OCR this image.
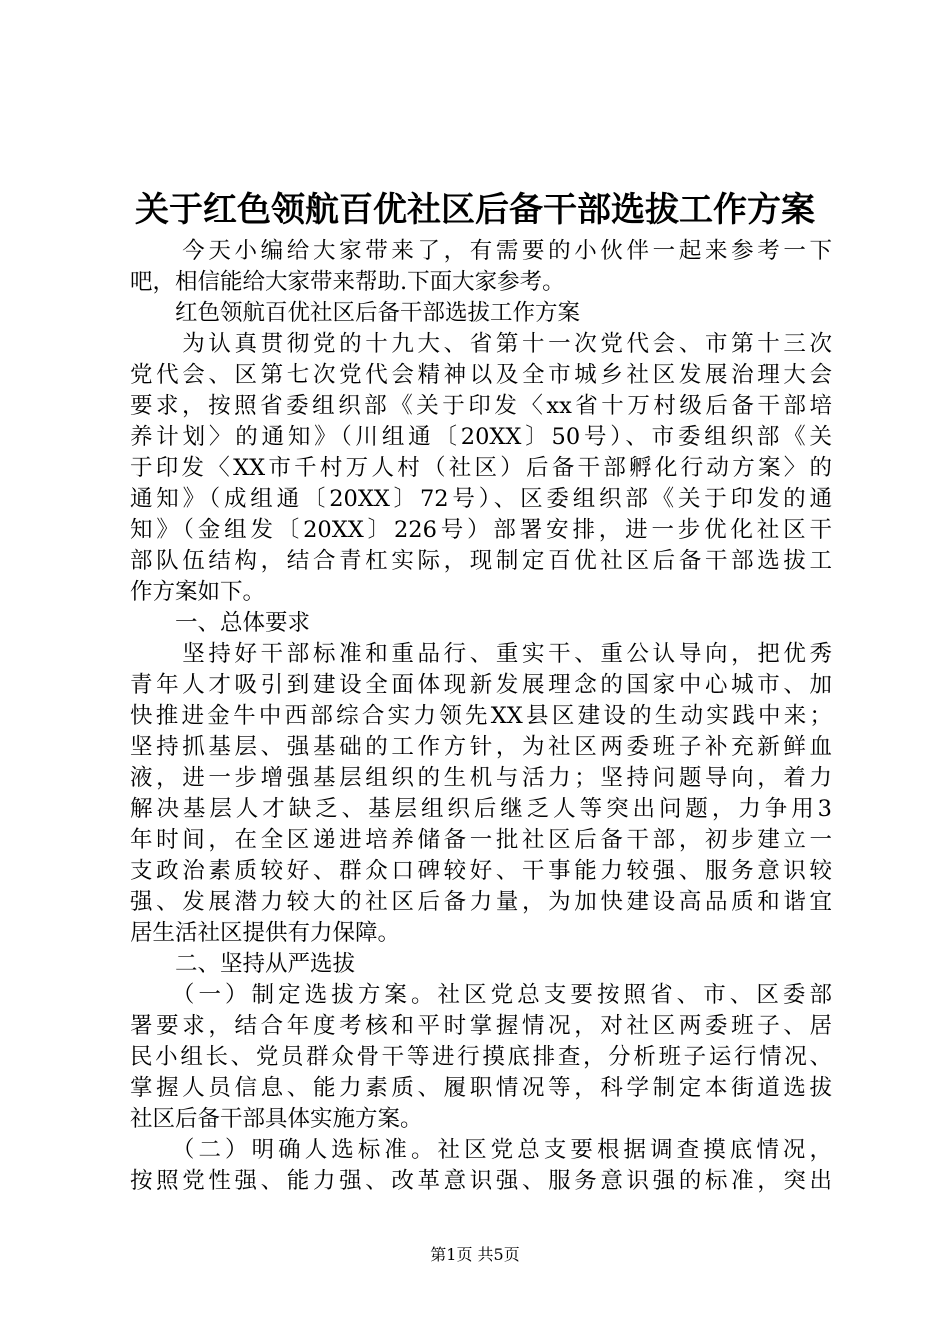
关于红色领航百优社区后备干部选拔工作方案
　　今天小编给大家带来了，有需要的小伙伴一起来参考一下
吧，相信能给大家带来帮助.下面大家参考。
　　红色领航百优社区后备干部选拔工作方案
　　为认真贯彻党的十九大、省第十一次党代会、市第十三次
党代会、区第七次党代会精神以及全市城乡社区发展治理大会
要求，按照省委组织部《关于印发〈xx省十万村级后备干部培
养计划〉的通知》（川组通〔20XX〕50号）、市委组织部《关
于印发〈XX市千村万人村（社区）后备干部孵化行动方案〉的
通知》（成组通〔20XX〕72号）、区委组织部《关于印发的通
知》（金组发〔20XX〕226号）部署安排，进一步优化社区干
部队伍结构，结合青杠实际，现制定百优社区后备干部选拔工
作方案如下。
　　一、总体要求
　　坚持好干部标准和重品行、重实干、重公认导向，把优秀
青年人才吸引到建设全面体现新发展理念的国家中心城市、加
快推进金牛中西部综合实力领先XX县区建设的生动实践中来；
坚持抓基层、强基础的工作方针，为社区两委班子补充新鲜血
液，进一步增强基层组织的生机与活力；坚持问题导向，着力
解决基层人才缺乏、基层组织后继乏人等突出问题，力争用3
年时间，在全区递进培养储备一批社区后备干部，初步建立一
支政治素质较好、群众口碑较好、干事能力较强、服务意识较
强、发展潜力较大的社区后备力量，为加快建设高品质和谐宜
居生活社区提供有力保障。
　　二、坚持从严选拔
　　（一）制定选拔方案。社区党总支要按照省、市、区委部
署要求，结合年度考核和平时掌握情况，对社区两委班子、居
民小组长、党员群众骨干等进行摸底排查，分析班子运行情况、
掌握人员信息、能力素质、履职情况等，科学制定本街道选拔
社区后备干部具体实施方案。
　　（二）明确人选标准。社区党总支要根据调查摸底情况，
按照党性强、能力强、改革意识强、服务意识强的标准，突出
第1页 共5页
